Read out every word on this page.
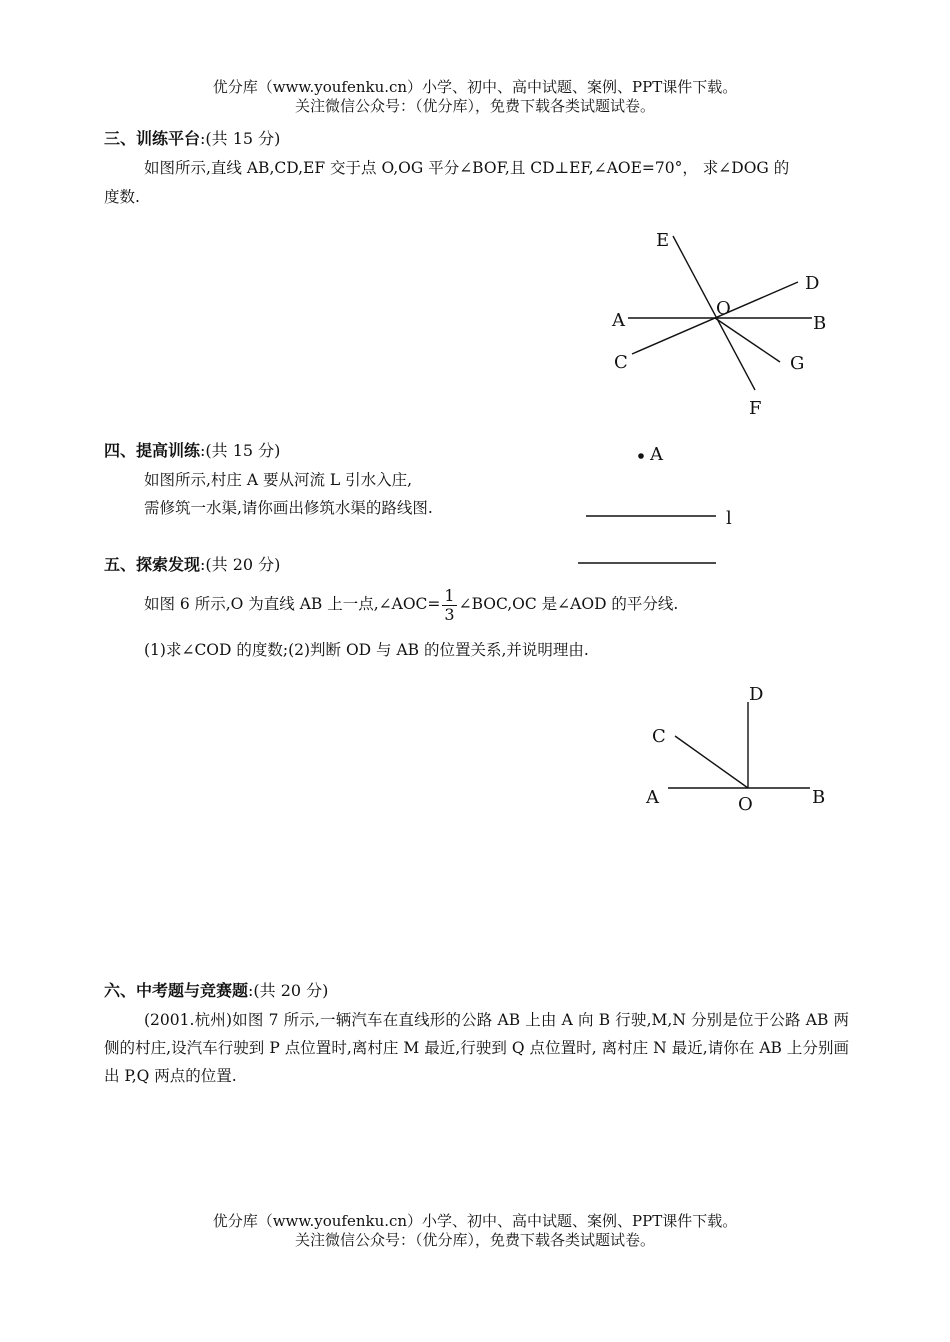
优分库（www.youfenku.cn）小学、初中、高中试题、案例、PPT课件下载。
关注微信公众号：（优分库），免费下载各类试题试卷。
三、训练平台:(共 15 分)
如图所示,直线 AB,CD,EF 交于点 O,OG 平分∠BOF,且 CD⊥EF,∠AOE=70°， 求∠DOG 的
度数.
E
D
O
A	B
C	G
F
四、提高训练:(共 15 分)
如图所示,村庄 A 要从河流 L 引水入庄,
需修筑一水渠,请你画出修筑水渠的路线图.
A
l
五、探索发现:(共 20 分)
如图 6 所示,O 为直线 AB 上一点,∠AOC= $\frac{1}{3}$ ∠BOC,OC 是∠AOD 的平分线.
(1)求∠COD 的度数;(2)判断 OD 与 AB 的位置关系,并说明理由.
D
C
A	O	B
六、中考题与竞赛题:(共 20 分)
(2001.杭州)如图 7 所示,一辆汽车在直线形的公路 AB 上由 A 向 B 行驶,M,N 分别是位于公路 AB 两侧的村庄,设汽车行驶到 P 点位置时,离村庄 M 最近,行驶到 Q 点位置时, 离村庄 N 最近,请你在 AB 上分别画出 P,Q 两点的位置.
优分库（www.youfenku.cn）小学、初中、高中试题、案例、PPT课件下载。
关注微信公众号：（优分库），免费下载各类试题试卷。
